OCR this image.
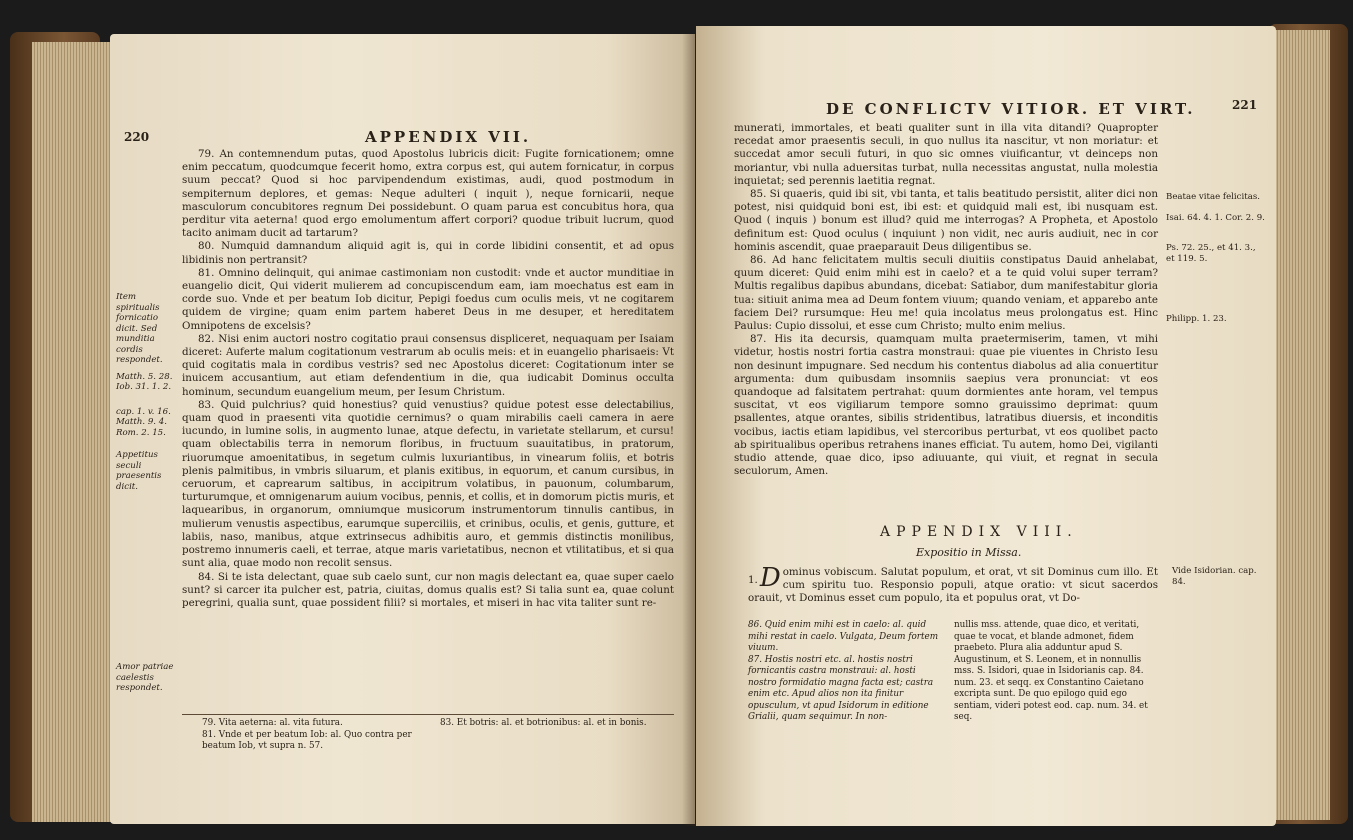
220	APPENDIX VII.
Item spiritualis fornicatio dicit. Sed munditia cordis respondet.
Matth. 5. 28. Iob. 31. 1. 2.
cap. 1. v. 16. Matth. 9. 4. Rom. 2. 15.
Appetitus seculi praesentis dicit.
Amor patriae caelestis respondet.

79. An contemnendum putas, quod Apostolus lubricis dicit: Fugite fornicationem; omne enim peccatum, quodcumque fecerit homo, extra corpus est, qui autem fornicatur, in corpus suum peccat? Quod si hoc parvipendendum existimas, audi, quod postmodum in sempiternum deplores, et gemas: Neque adulteri ( inquit ), neque fornicarii, neque masculorum concubitores regnum Dei possidebunt. O quam parua est concubitus hora, qua perditur vita aeterna! quod ergo emolumentum affert corpori? quodue tribuit lucrum, quod tacito animam ducit ad tartarum?

80. Numquid damnandum aliquid agit is, qui in corde libidini consentit, et ad opus libidinis non pertransit?

81. Omnino delinquit, qui animae castimoniam non custodit: vnde et auctor munditiae in euangelio dicit, Qui viderit mulierem ad concupiscendum eam, iam moechatus est eam in corde suo. Vnde et per beatum Iob dicitur, Pepigi foedus cum oculis meis, vt ne cogitarem quidem de virgine; quam enim partem haberet Deus in me desuper, et hereditatem Omnipotens de excelsis?

82. Nisi enim auctori nostro cogitatio praui consensus displiceret, nequaquam per Isaiam diceret: Auferte malum cogitationum vestrarum ab oculis meis: et in euangelio pharisaeis: Vt quid cogitatis mala in cordibus vestris? sed nec Apostolus diceret: Cogitationum inter se inuicem accusantium, aut etiam defendentium in die, qua iudicabit Dominus occulta hominum, secundum euangelium meum, per Iesum Christum.

83. Quid pulchrius? quid honestius? quid venustius? quidue potest esse delectabilius, quam quod in praesenti vita quotidie cernimus? o quam mirabilis caeli camera in aere iucundo, in lumine solis, in augmento lunae, atque defectu, in varietate stellarum, et cursu! quam oblectabilis terra in nemorum floribus, in fructuum suauitatibus, in pratorum, riuorumque amoenitatibus, in segetum culmis luxuriantibus, in vinearum foliis, et botris plenis palmitibus, in vmbris siluarum, et planis exitibus, in equorum, et canum cursibus, in ceruorum, et caprearum saltibus, in accipitrum volatibus, in pauonum, columbarum, turturumque, et omnigenarum auium vocibus, pennis, et collis, et in domorum pictis muris, et laquearibus, in organorum, omniumque musicorum instrumentorum tinnulis cantibus, in mulierum venustis aspectibus, earumque superciliis, et crinibus, oculis, et genis, gutture, et labiis, naso, manibus, atque extrinsecus adhibitis auro, et gemmis distinctis monilibus, postremo innumeris caeli, et terrae, atque maris varietatibus, necnon et vtilitatibus, et si qua sunt alia, quae modo non recolit sensus.

84. Si te ista delectant, quae sub caelo sunt, cur non magis delectant ea, quae super caelo sunt? si carcer ita pulcher est, patria, ciuitas, domus qualis est? Si talia sunt ea, quae colunt peregrini, qualia sunt, quae possident filii? si mortales, et miseri in hac vita taliter sunt re-

79. Vita aeterna: al. vita futura.

81. Vnde et per beatum Iob: al. Quo contra per beatum Iob, vt supra n. 57.

83. Et botris: al. et botrionibus: al. et in bonis.

DE CONFLICTV VITIOR. ET VIRT.	221

munerati, immortales, et beati qualiter sunt in illa vita ditandi? Quapropter recedat amor praesentis seculi, in quo nullus ita nascitur, vt non moriatur: et succedat amor seculi futuri, in quo sic omnes viuificantur, vt deinceps non moriantur, vbi nulla aduersitas turbat, nulla necessitas angustat, nulla molestia inquietat; sed perennis laetitia regnat.

85. Si quaeris, quid ibi sit, vbi tanta, et talis beatitudo persistit, aliter dici non potest, nisi quidquid boni est, ibi est: et quidquid mali est, ibi nusquam est. Quod ( inquis ) bonum est illud? quid me interrogas? A Propheta, et Apostolo definitum est: Quod oculus ( inquiunt ) non vidit, nec auris audiuit, nec in cor hominis ascendit, quae praeparauit Deus diligentibus se.

86. Ad hanc felicitatem multis seculi diuitiis constipatus Dauid anhelabat, quum diceret: Quid enim mihi est in caelo? et a te quid volui super terram? Multis regalibus dapibus abundans, dicebat: Satiabor, dum manifestabitur gloria tua: sitiuit anima mea ad Deum fontem viuum; quando veniam, et apparebo ante faciem Dei? rursumque: Heu me! quia incolatus meus prolongatus est. Hinc Paulus: Cupio dissolui, et esse cum Christo; multo enim melius.

87. His ita decursis, quamquam multa praetermiserim, tamen, vt mihi videtur, hostis nostri fortia castra monstraui: quae pie viuentes in Christo Iesu non desinunt impugnare. Sed necdum his contentus diabolus ad alia conuertitur argumenta: dum quibusdam insomniis saepius vera pronunciat: vt eos quandoque ad falsitatem pertrahat: quum dormientes ante horam, vel tempus suscitat, vt eos vigiliarum tempore somno grauissimo deprimat: quum psallentes, atque orantes, sibilis stridentibus, latratibus diuersis, et inconditis vocibus, iactis etiam lapidibus, vel stercoribus perturbat, vt eos quolibet pacto ab spiritualibus operibus retrahens inanes efficiat. Tu autem, homo Dei, vigilanti studio attende, quae dico, ipso adiuuante, qui viuit, et regnat in secula seculorum, Amen.

Beatae vitae felicitas.
Isai. 64. 4. 1. Cor. 2. 9.
Ps. 72. 25., et 41. 3., et 119. 5.
Philipp. 1. 23.
APPENDIX VIII.
Expositio in Missa.

1. D ominus vobiscum. Salutat populum, et orat, vt sit Dominus cum illo. Et cum spiritu tuo. Responsio populi, atque oratio: vt sicut sacerdos orauit, vt Dominus esset cum populo, ita et populus orat, vt Do-

Vide Isidorian. cap. 84.

86. Quid enim mihi est in caelo: al. quid mihi restat in caelo. Vulgata, Deum fortem viuum.

87. Hostis nostri etc. al. hostis nostri fornicantis castra monstraui: al. hosti nostro formidatio magna facta est; castra enim etc. Apud alios non ita finitur opusculum, vt apud Isidorum in editione Grialii, quam sequimur. In non-

nullis mss. attende, quae dico, et veritati, quae te vocat, et blande admonet, fidem praebeto. Plura alia adduntur apud S. Augustinum, et S. Leonem, et in nonnullis mss. S. Isidori, quae in Isidorianis cap. 84. num. 23. et seqq. ex Constantino Caietano excripta sunt. De quo epilogo quid ego sentiam, videri potest eod. cap. num. 34. et seq.
